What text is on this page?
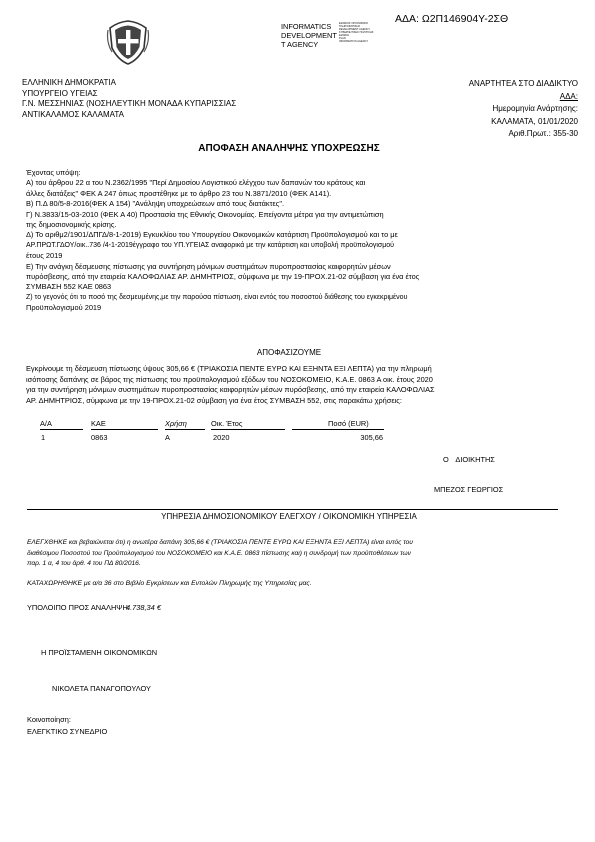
ΑΔΑ: Ω2Π146904Υ-2ΣΘ
INFORMATICS
DEVELOPMENT
T AGENCY
ΕΘΝΙΚΟΣ ΟΡΓΑΝΙΣΜΟΣ
ΠΛΗΡΟΦΟΡΙΚΗΣ
DEVELOPMENT AGENCY
ΚΥΒΕΡΝΗΤΙΚΗΣ ΠΟΛΙΤΙΚΗΣ
ΕΘΝΙΚΗ
PLAN
INFORMATICS AGENCY
ΕΛΛΗΝΙΚΗ ΔΗΜΟΚΡΑΤΙΑ
ΥΠΟΥΡΓΕΙΟ ΥΓΕΙΑΣ
Γ.Ν. ΜΕΣΣΗΝΙΑΣ (ΝΟΣΗΛΕΥΤΙΚΗ ΜΟΝΑΔΑ ΚΥΠΑΡΙΣΣΙΑΣ
ΑΝΤΙΚΑΛΑΜΟΣ ΚΑΛΑΜΑΤΑ
ΑΝΑΡΤΗΤΕΑ ΣΤΟ ΔΙΑΔΙΚΤΥΟ
ΑΔΑ:
Ημερομηνία Ανάρτησης:
ΚΑΛΑΜΑΤΑ, 01/01/2020
Αριθ.Πρωτ.: 355-30
ΑΠΟΦΑΣΗ ΑΝΑΛΗΨΗΣ ΥΠΟΧΡΕΩΣΗΣ
Έχοντας υπόψη:
Α) του άρθρου 22 α του Ν.2362/1995 "Περί Δημοσίου Λογιστικού ελέγχου των δαπανών του κράτους και
άλλες διατάξεις" ΦΕΚ Α 247 όπως προστέθηκε με το άρθρο 23 του Ν.3871/2010 (ΦΕΚ Α141).
Β) Π.Δ 80/5-8-2016(ΦΕΚ Α 154) "Ανάληψη υποχρεώσεων από τους διατάκτες".
Γ) Ν.3833/15-03-2010 (ΦΕΚ Α 40) Προστασία της Εθνικής Οικονομίας. Επείγοντα μέτρα για την αντιμετώπιση
της δημοσιονομικής κρίσης.
Δ) Το αριθμ2/1901/ΔΠΓΔ/8-1-2019) Εγκυκλίου του Υπουργείου Οικονομικών κατάρτιση Προϋπολογισμού και το με
ΑΡ.ΠΡΩΤ.ΓΔΟΥ/οικ..736 /4-1-2019έγγραφο του ΥΠ.ΥΓΕΙΑΣ αναφορικά με την κατάρτιση και υποβολή προϋπολογισμού
έτους 2019
Ε) Την ανάγκη δέσμευσης πίστωσης για συντήρηση μόνιμων συστημάτων πυροπροστασίας καιφορητών μέσων
πυρόσβεσης, από την εταιρεία ΚΑΛΟΦΩΛΙΑΣ ΑΡ. ΔΗΜΗΤΡΙΟΣ, σύμφωνα με την 19-ΠΡΟΧ.21-02 σύμβαση για ένα έτος
ΣΥΜΒΑΣΗ 552 ΚΑΕ 0863
Ζ) το γεγονός ότι το ποσό της δεσμευμένης,με την παρούσα πίστωση, είναι εντός του ποσοστού διάθεσης του εγκεκριμένου
Προϋπολογισμού 2019
ΑΠΟΦΑΣΙΖΟΥΜΕ
Εγκρίνουμε τη δέσμευση πίστωσης ύψους 305,66 € (ΤΡΙΑΚΟΣΙΑ ΠΕΝΤΕ ΕΥΡΩ ΚΑΙ ΕΞΗΝΤΑ ΕΞΙ ΛΕΠΤΑ) για την πληρωμή
ισόποσης δαπάνης σε βάρος της πίστωσης του προϋπολογισμού εξόδων του ΝΟΣΟΚΟΜΕΙΟ, Κ.Α.Ε. 0863 Α οικ. έτους 2020
για την συντήρηση μόνιμων συστημάτων πυροπροστασίας καιφορητών μέσων πυρόσβεσης, από την εταιρεία ΚΑΛΟΦΩΛΙΑΣ
ΑΡ. ΔΗΜΗΤΡΙΟΣ, σύμφωνα με την 19-ΠΡΟΧ.21-02 σύμβαση για ένα έτος ΣΥΜΒΑΣΗ 552, στις παρακάτω χρήσεις:
Α/Α	ΚΑΕ	Χρήση	Οικ. Έτος	Ποσό (EUR)
1	0863	Α	2020	305,66
Ο ΔΙΟΙΚΗΤΗΣ
ΜΠΕΖΟΣ ΓΕΩΡΓΙΟΣ
ΥΠΗΡΕΣΙΑ ΔΗΜΟΣΙΟΝΟΜΙΚΟΥ ΕΛΕΓΧΟΥ / ΟΙΚΟΝΟΜΙΚΗ ΥΠΗΡΕΣΙΑ
ΕΛΕΓΧΘΗΚΕ και βεβαιώνεται ότι) η ανωτέρα δαπάνη 305,66 € (ΤΡΙΑΚΟΣΙΑ ΠΕΝΤΕ ΕΥΡΩ ΚΑΙ ΕΞΗΝΤΑ ΕΞΙ ΛΕΠΤΑ) είναι εντός του
διαθέσιμου Ποσοστού του Προϋπολογισμού του ΝΟΣΟΚΟΜΕΙΟ και Κ.Α.Ε. 0863 πίστωσης και) η συνδρομή των προϋποθέσεων των
παρ. 1 α, 4 του άρθ. 4 του ΠΔ 80/2016.
ΚΑΤΑΧΩΡΗΘΗΚΕ με α/α 36 στο Βιβλίο Εγκρίσεων και Εντολών Πληρωμής της Υπηρεσίας μας.
ΥΠΟΛΟΙΠΟ ΠΡΟΣ ΑΝΑΛΗΨΗ:
4.738,34 €
Η ΠΡΟΪΣΤΑΜΕΝΗ ΟΙΚΟΝΟΜΙΚΩΝ
ΝΙΚΟΛΕΤΑ ΠΑΝΑΓΟΠΟΥΛΟΥ
Κοινοποίηση:
ΕΛΕΓΚΤΙΚΟ ΣΥΝΕΔΡΙΟ
